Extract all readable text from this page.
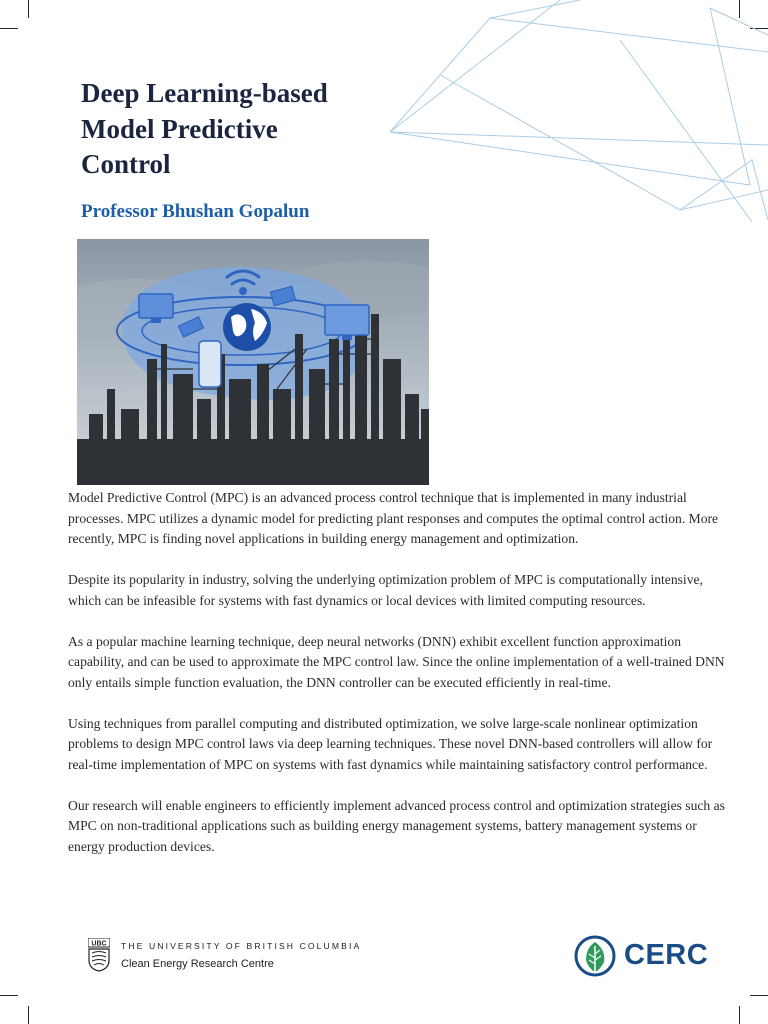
Deep Learning-based
Model Predictive
Control

Professor Bhushan Gopalun

Model Predictive Control (MPC) is an advanced process control technique that is implemented in many industrial processes. MPC utilizes a dynamic model for predicting plant responses and computes the optimal control action. More recently, MPC is finding novel applications in building energy management and optimization.

Despite its popularity in industry, solving the underlying optimization problem of MPC is computationally intensive, which can be infeasible for systems with fast dynamics or local devices with limited computing resources.

As a popular machine learning technique, deep neural networks (DNN) exhibit excellent function approximation capability, and can be used to approximate the MPC control law. Since the online implementation of a well-trained DNN only entails simple function evaluation, the DNN controller can be executed efficiently in real-time.

Using techniques from parallel computing and distributed optimization, we solve large-scale nonlinear optimization problems to design MPC control laws via deep learning techniques. These novel DNN-based controllers will allow for real-time implementation of MPC on systems with fast dynamics while maintaining satisfactory control performance.

Our research will enable engineers to efficiently implement advanced process control and optimization strategies such as MPC on non-traditional applications such as building energy management systems, battery management systems or energy production devices.

UBC THE UNIVERSITY OF BRITISH COLUMBIA
Clean Energy Research Centre	CERC
